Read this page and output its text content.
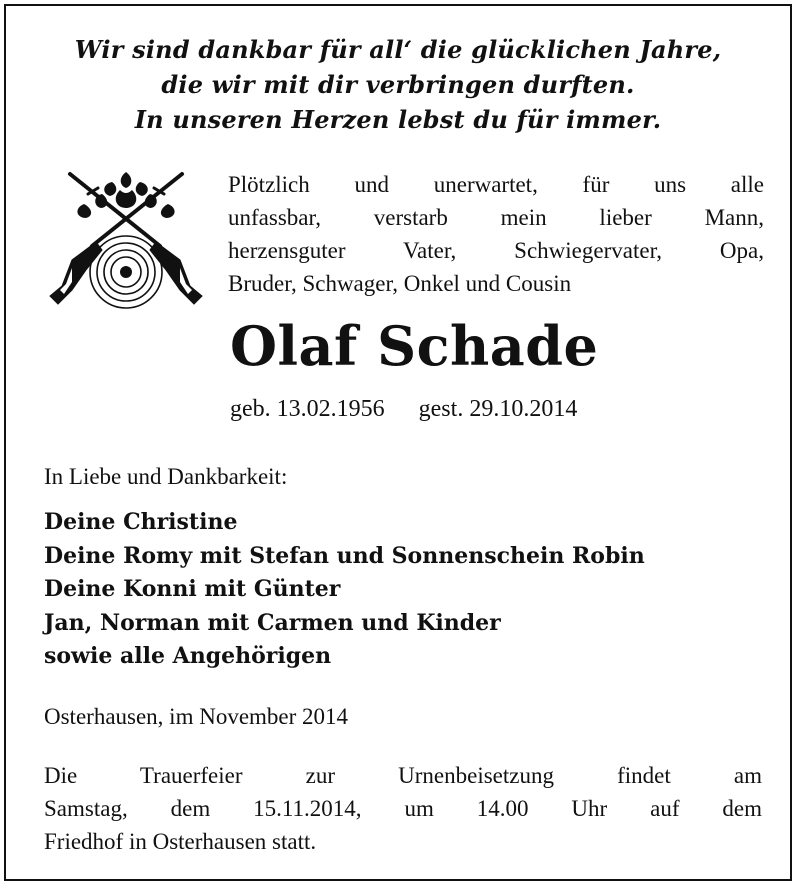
Wir sind dankbar für all‘ die glücklichen Jahre,
die wir mit dir verbringen durften.
In unseren Herzen lebst du für immer.
Plötzlich und unerwartet, für uns alle
unfassbar, verstarb mein lieber Mann,
herzensguter Vater, Schwiegervater, Opa,
Bruder, Schwager, Onkel und Cousin
Olaf Schade
geb. 13.02.1956 gest. 29.10.2014
In Liebe und Dankbarkeit:
Deine Christine
Deine Romy mit Stefan und Sonnenschein Robin
Deine Konni mit Günter
Jan, Norman mit Carmen und Kinder
sowie alle Angehörigen
Osterhausen, im November 2014
Die Trauerfeier zur Urnenbeisetzung findet am
Samstag, dem 15.11.2014, um 14.00 Uhr auf dem
Friedhof in Osterhausen statt.
